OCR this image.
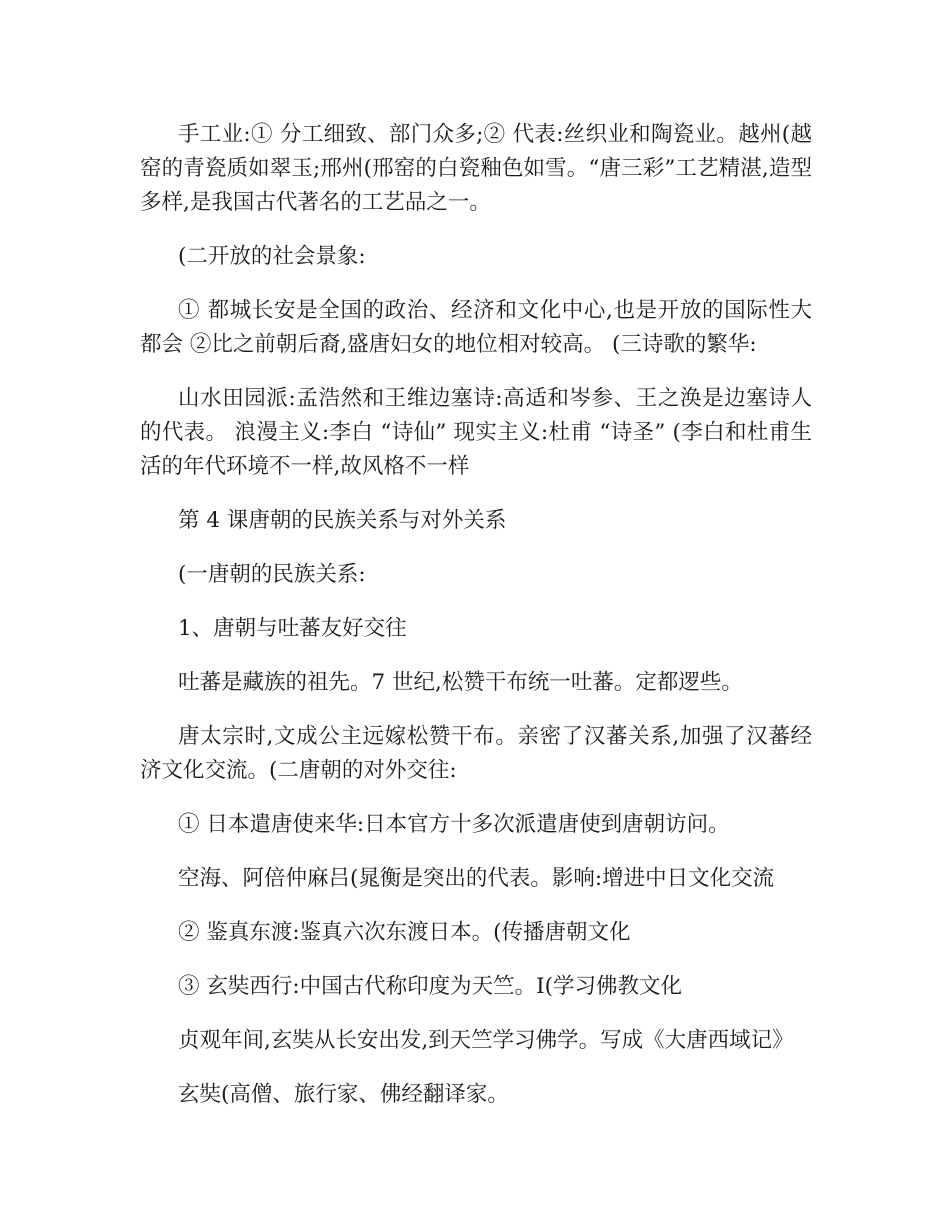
手工业:① 分工细致、部门众多;② 代表:丝织业和陶瓷业。越州(越窑的青瓷质如翠玉;邢州(邢窑的白瓷釉色如雪。“唐三彩”工艺精湛,造型多样,是我国古代著名的工艺品之一。

(二开放的社会景象:

① 都城长安是全国的政治、经济和文化中心,也是开放的国际性大都会 ②比之前朝后裔,盛唐妇女的地位相对较高。 (三诗歌的繁华:

山水田园派:孟浩然和王维边塞诗:高适和岑参、王之涣是边塞诗人的代表。 浪漫主义:李白 “诗仙” 现实主义:杜甫 “诗圣” (李白和杜甫生活的年代环境不一样,故风格不一样

第 4 课唐朝的民族关系与对外关系

(一唐朝的民族关系:

1、唐朝与吐蕃友好交往

吐蕃是藏族的祖先。7 世纪,松赞干布统一吐蕃。定都逻些。

唐太宗时,文成公主远嫁松赞干布。亲密了汉蕃关系,加强了汉蕃经济文化交流。(二唐朝的对外交往:

① 日本遣唐使来华:日本官方十多次派遣唐使到唐朝访问。

空海、阿倍仲麻吕(晁衡是突出的代表。影响:增进中日文化交流

② 鉴真东渡:鉴真六次东渡日本。(传播唐朝文化

③ 玄奘西行:中国古代称印度为天竺。I(学习佛教文化

贞观年间,玄奘从长安出发,到天竺学习佛学。写成《大唐西域记》

玄奘(高僧、旅行家、佛经翻译家。
